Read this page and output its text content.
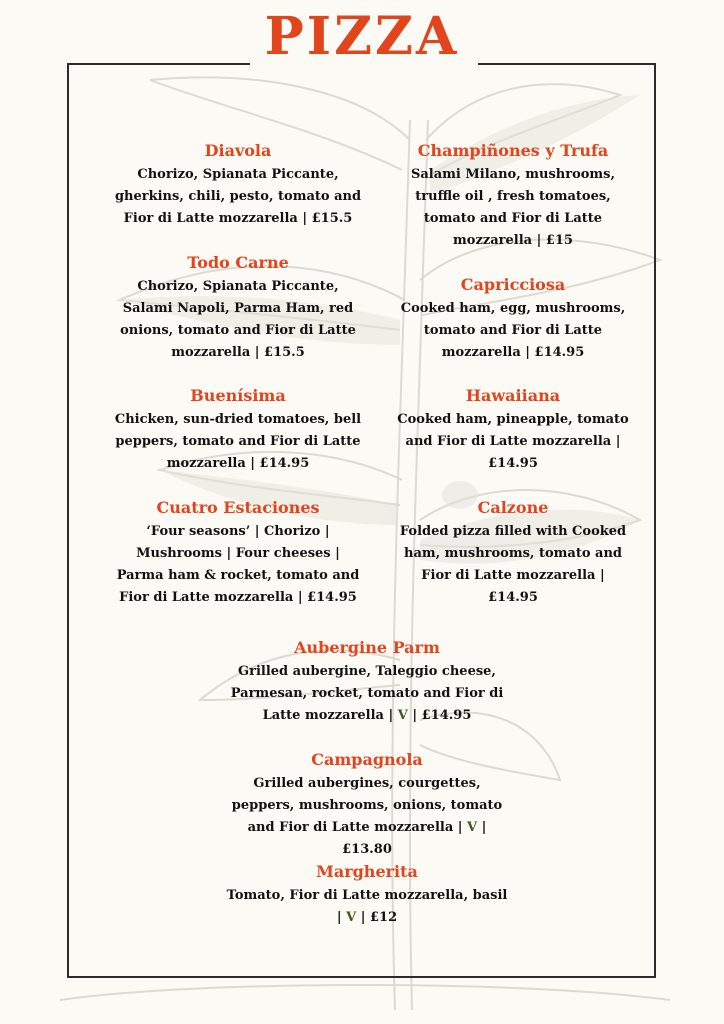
PIZZA
Diavola
Chorizo, Spianata Piccante, gherkins, chili, pesto, tomato and Fior di Latte mozzarella | £15.5
Todo Carne
Chorizo, Spianata Piccante, Salami Napoli, Parma Ham, red onions, tomato and Fior di Latte mozzarella | £15.5
Buenísima
Chicken, sun-dried tomatoes, bell peppers, tomato and Fior di Latte mozzarella | £14.95
Cuatro Estaciones
‘Four seasons’ | Chorizo | Mushrooms | Four cheeses | Parma ham & rocket, tomato and Fior di Latte mozzarella | £14.95
Champiñones y Trufa
Salami Milano, mushrooms, truffle oil , fresh tomatoes, tomato and Fior di Latte mozzarella | £15
Capricciosa
Cooked ham, egg, mushrooms, tomato and Fior di Latte mozzarella | £14.95
Hawaiiana
Cooked ham, pineapple, tomato and Fior di Latte mozzarella | £14.95
Calzone
Folded pizza filled with Cooked ham, mushrooms, tomato and Fior di Latte mozzarella | £14.95
Aubergine Parm
Grilled aubergine, Taleggio cheese, Parmesan, rocket, tomato and Fior di Latte mozzarella | V | £14.95
Campagnola
Grilled aubergines, courgettes, peppers, mushrooms, onions, tomato and Fior di Latte mozzarella | V | £13.80
Margherita
Tomato, Fior di Latte mozzarella, basil | V | £12
